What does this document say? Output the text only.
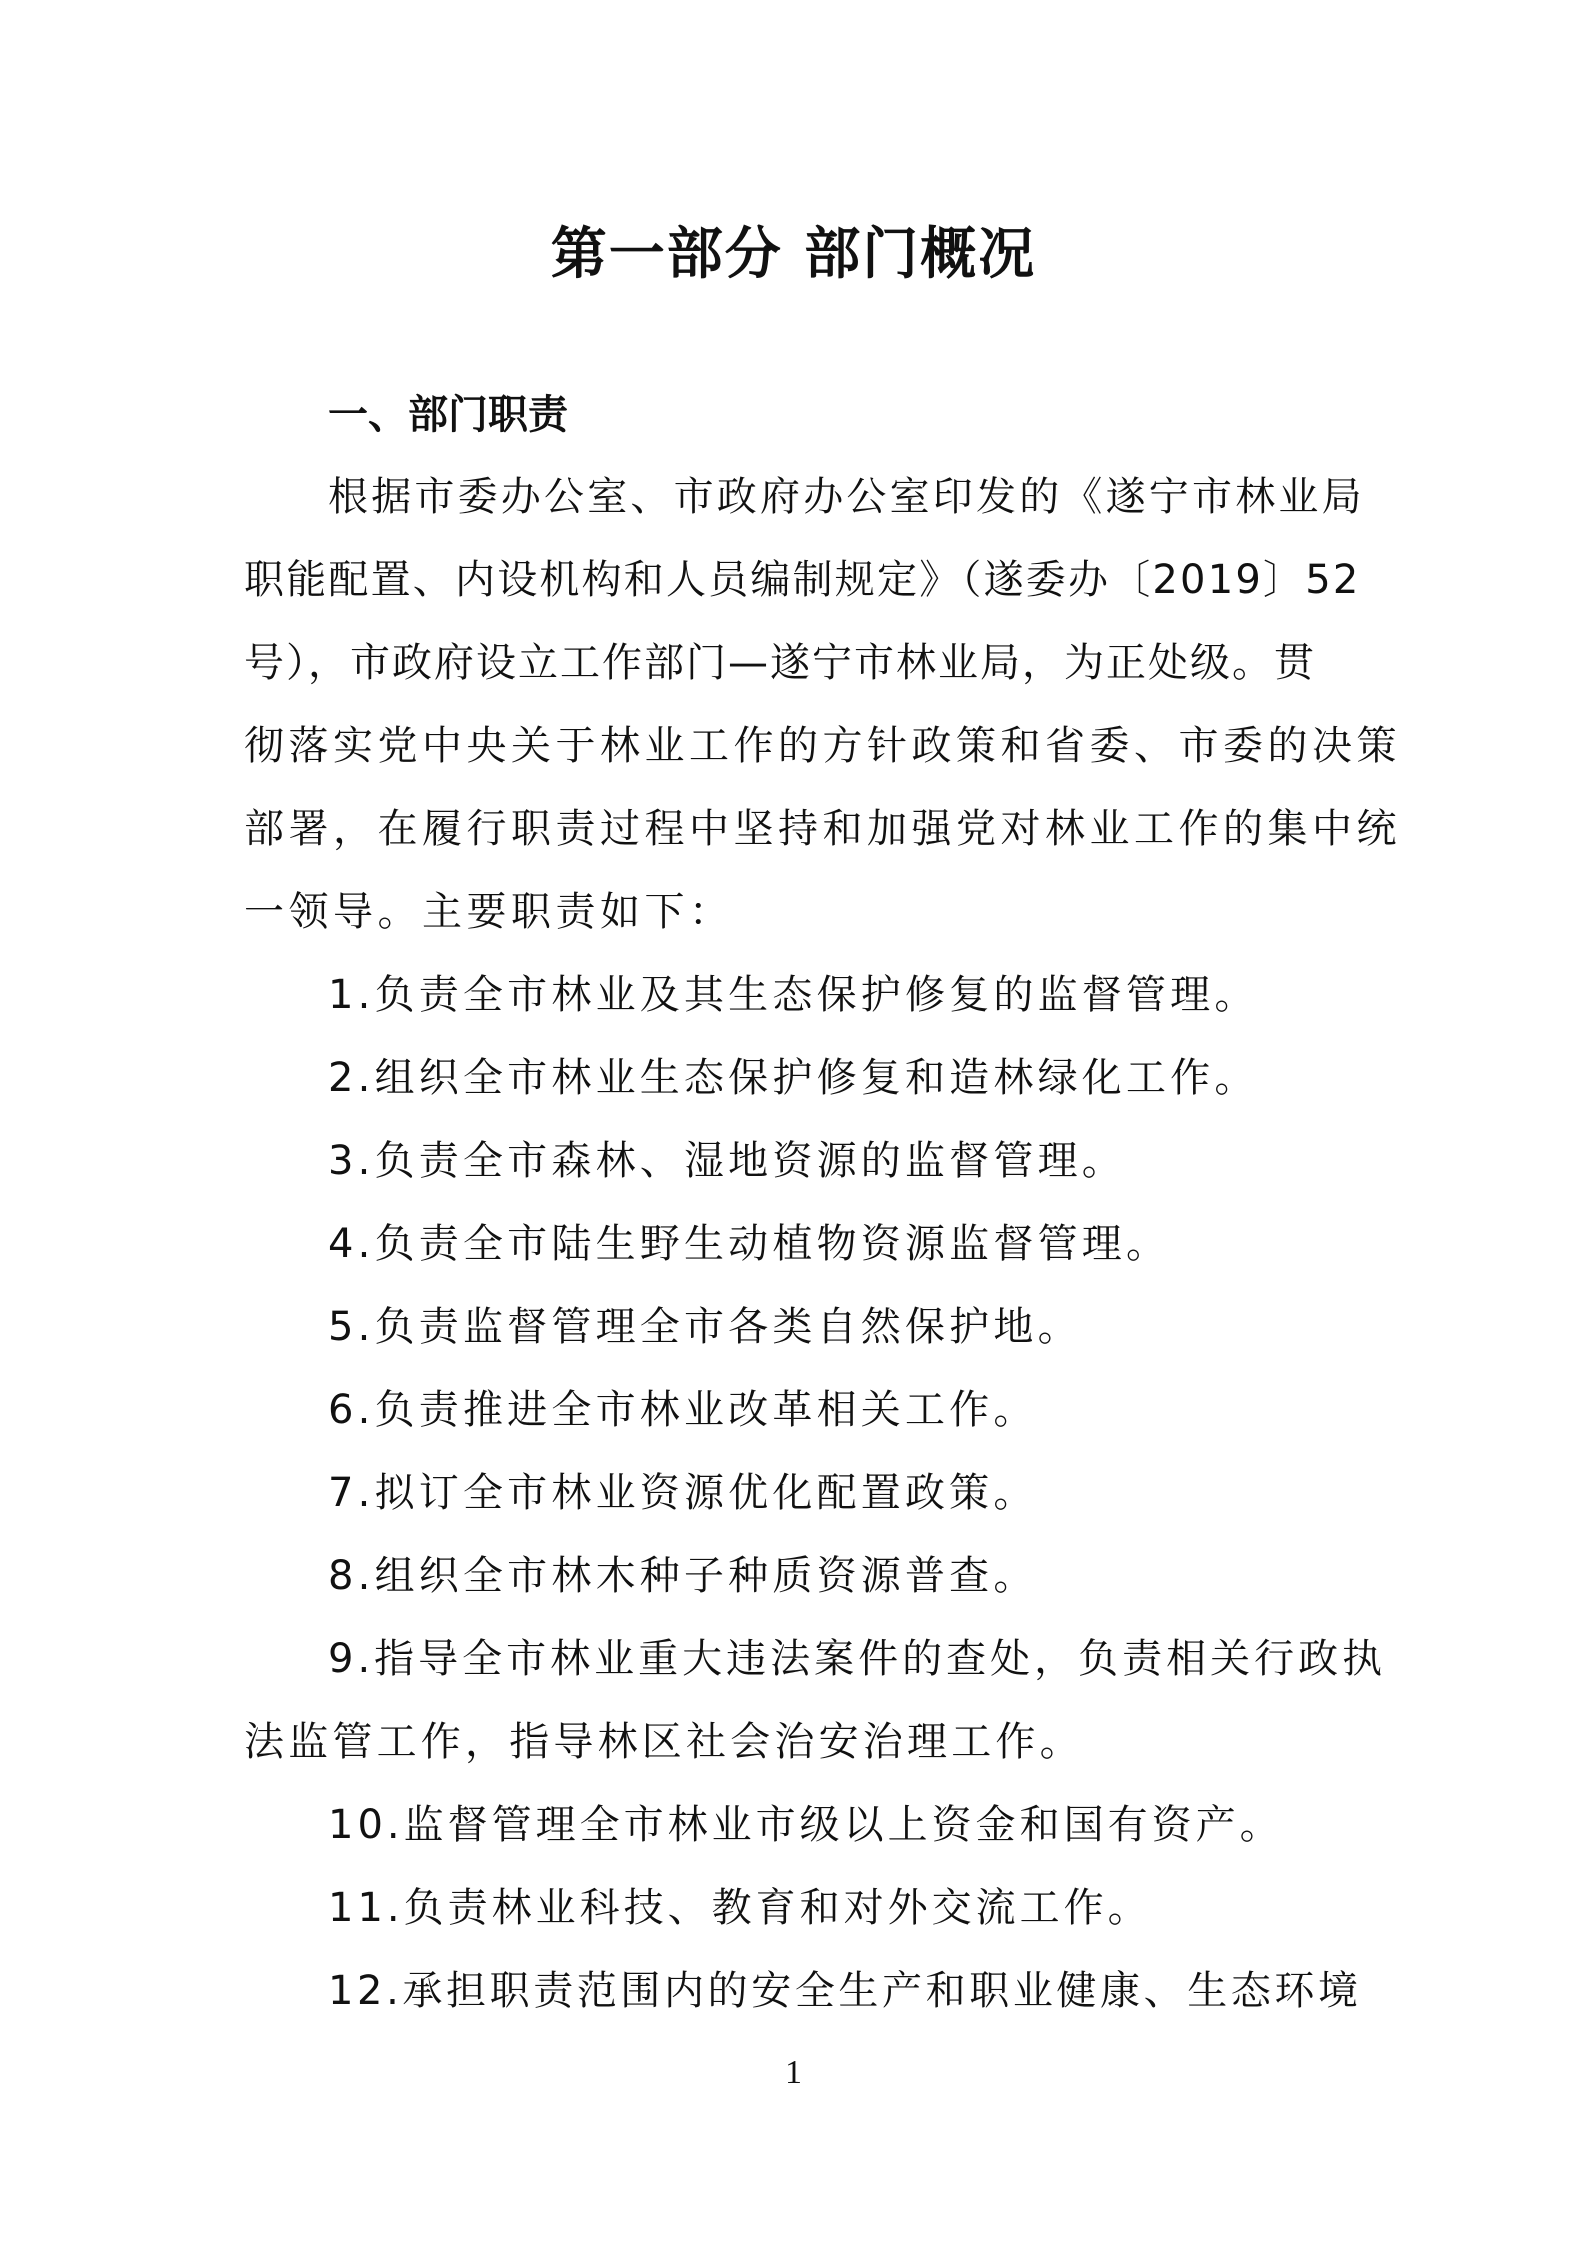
第一部分 部门概况
一、部门职责
根据市委办公室、市政府办公室印发的《遂宁市林业局
职能配置、内设机构和人员编制规定》（遂委办〔2019〕52
号），市政府设立工作部门—遂宁市林业局，为正处级。贯
彻落实党中央关于林业工作的方针政策和省委、市委的决策
部署，在履行职责过程中坚持和加强党对林业工作的集中统
一领导。主要职责如下：
1.负责全市林业及其生态保护修复的监督管理。
2.组织全市林业生态保护修复和造林绿化工作。
3.负责全市森林、湿地资源的监督管理。
4.负责全市陆生野生动植物资源监督管理。
5.负责监督管理全市各类自然保护地。
6.负责推进全市林业改革相关工作。
7.拟订全市林业资源优化配置政策。
8.组织全市林木种子种质资源普查。
9.指导全市林业重大违法案件的查处，负责相关行政执
法监管工作，指导林区社会治安治理工作。
10.监督管理全市林业市级以上资金和国有资产。
11.负责林业科技、教育和对外交流工作。
12.承担职责范围内的安全生产和职业健康、生态环境
1
